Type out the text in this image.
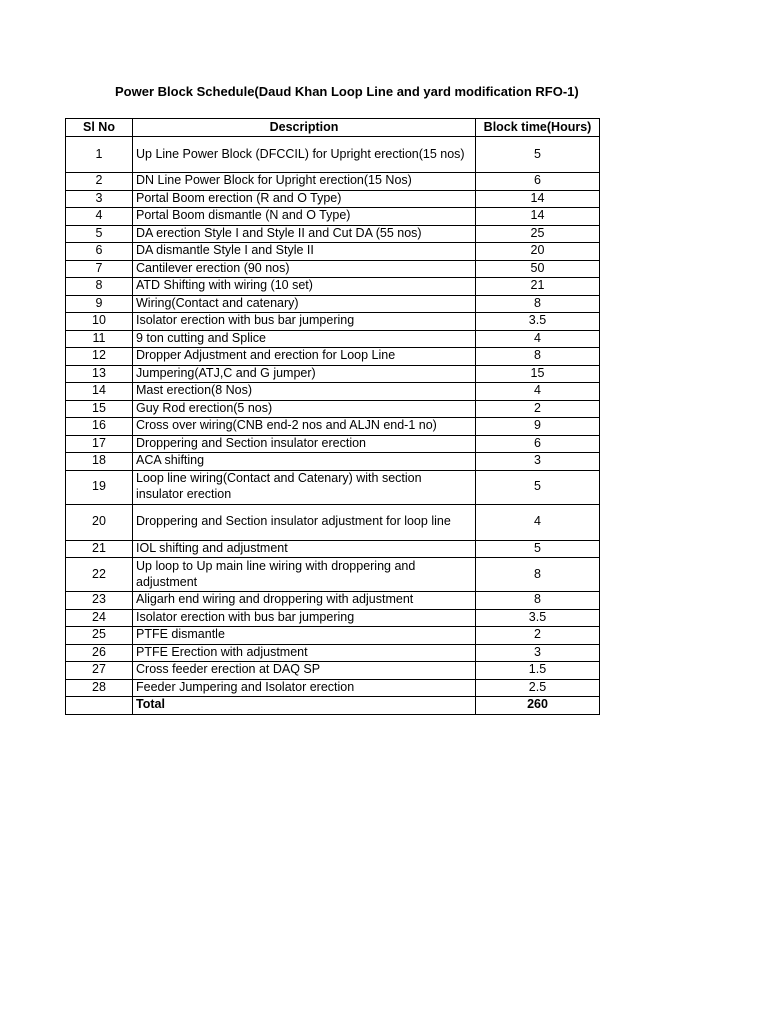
Power Block Schedule(Daud Khan Loop Line and yard modification RFO-1)
Sl No	Description	Block time(Hours)
1	Up Line Power Block (DFCCIL) for Upright erection(15 nos)	5
2	DN Line Power Block for Upright erection(15 Nos)	6
3	Portal Boom erection (R and O Type)	14
4	Portal Boom dismantle (N and O Type)	14
5	DA erection Style I and Style II and Cut DA (55 nos)	25
6	DA dismantle Style I and Style II	20
7	Cantilever erection (90 nos)	50
8	ATD Shifting with wiring (10 set)	21
9	Wiring(Contact and catenary)	8
10	Isolator erection with bus bar jumpering	3.5
11	9 ton cutting and Splice	4
12	Dropper Adjustment and erection for Loop Line	8
13	Jumpering(ATJ,C and G jumper)	15
14	Mast erection(8 Nos)	4
15	Guy Rod erection(5 nos)	2
16	Cross over wiring(CNB end-2 nos and ALJN end-1 no)	9
17	Droppering and Section insulator erection	6
18	ACA shifting	3
19	Loop line wiring(Contact and Catenary) with section insulator erection	5
20	Droppering and Section insulator adjustment for loop line	4
21	IOL shifting and adjustment	5
22	Up loop to Up main line wiring with droppering and adjustment	8
23	Aligarh end wiring and droppering with adjustment	8
24	Isolator erection with bus bar jumpering	3.5
25	PTFE dismantle	2
26	PTFE Erection with adjustment	3
27	Cross feeder erection at DAQ SP	1.5
28	Feeder Jumpering and Isolator erection	2.5
	Total	260
